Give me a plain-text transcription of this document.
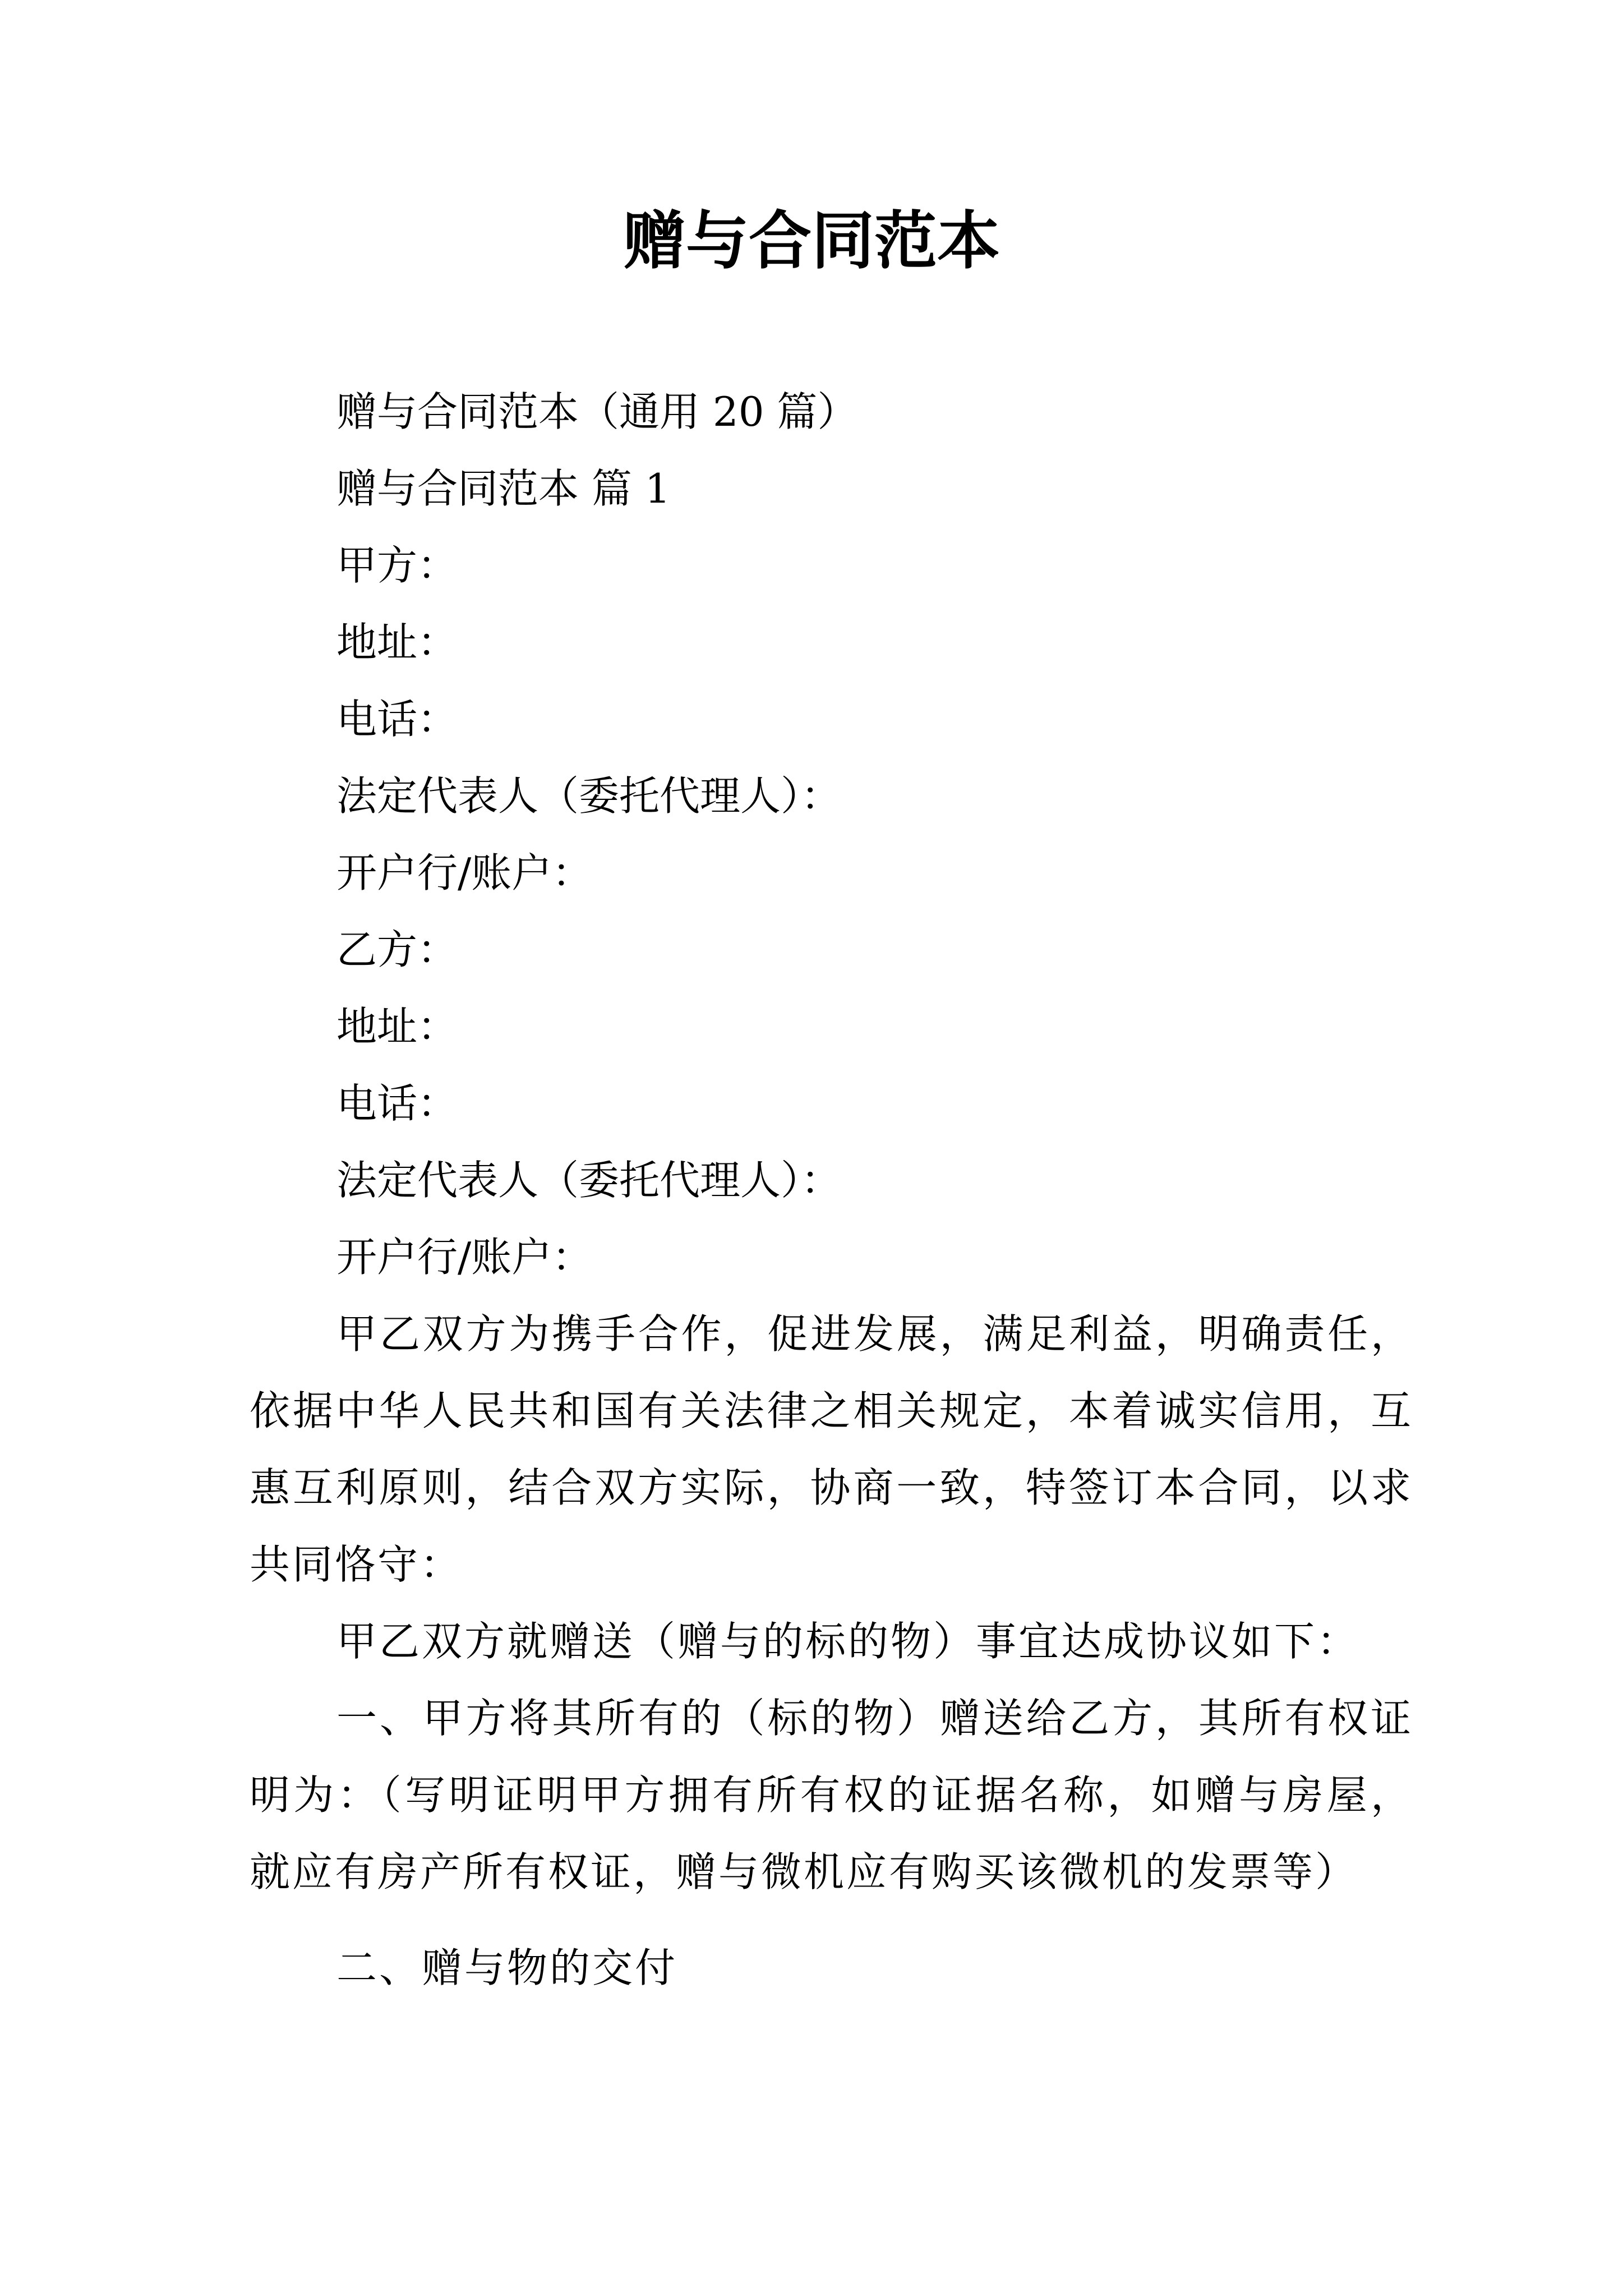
赠与合同范本
赠与合同范本（通用 20 篇）
赠与合同范本 篇 1
甲方：
地址：
电话：
法定代表人（委托代理人）：
开户行/账户：
乙方：
地址：
电话：
法定代表人（委托代理人）：
开户行/账户：
甲乙双方为携手合作，促进发展，满足利益，明确责任，依据中华人民共和国有关法律之相关规定，本着诚实信用，互惠互利原则，结合双方实际，协商一致，特签订本合同，以求共同恪守：
甲乙双方就赠送（赠与的标的物）事宜达成协议如下：
一、甲方将其所有的（标的物）赠送给乙方，其所有权证明为：（写明证明甲方拥有所有权的证据名称，如赠与房屋，就应有房产所有权证，赠与微机应有购买该微机的发票等）
二、赠与物的交付
